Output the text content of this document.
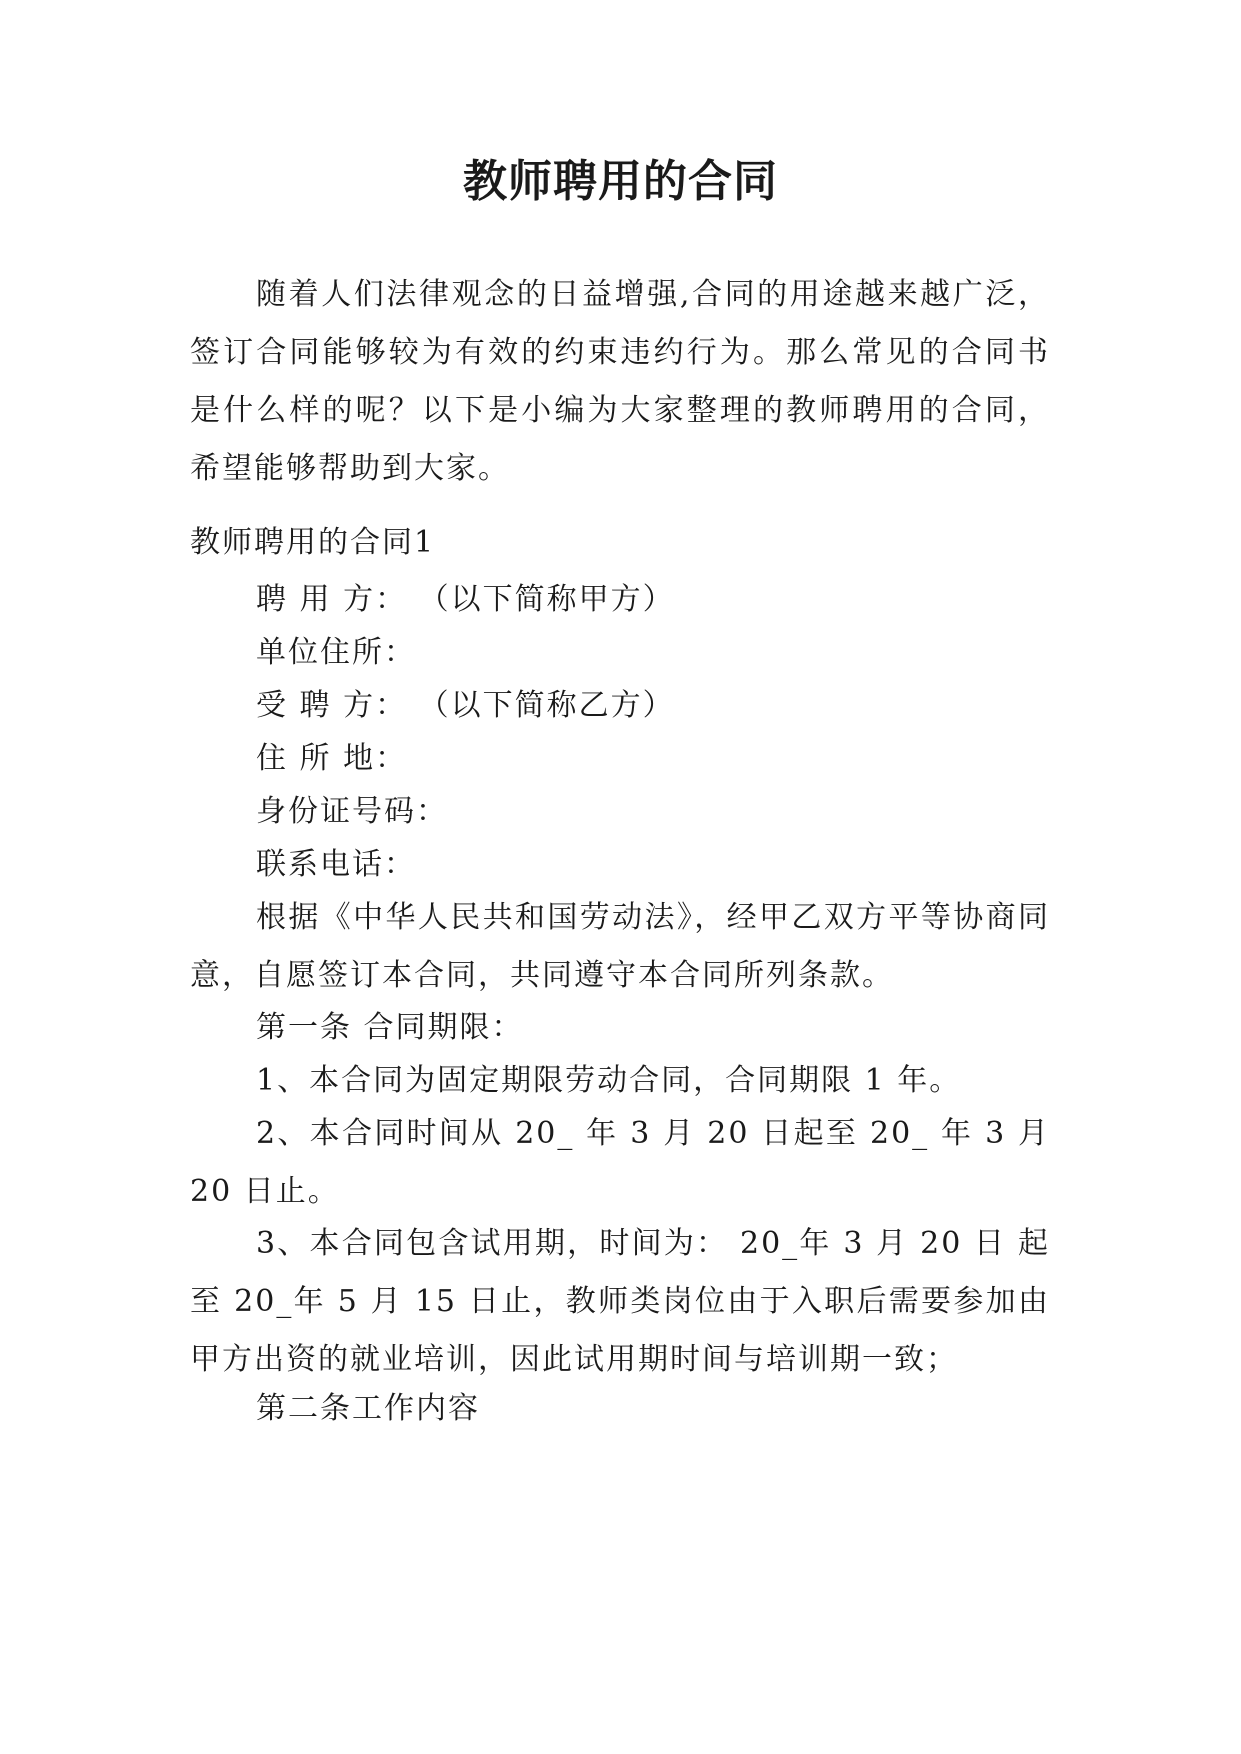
教师聘用的合同

随着人们法律观念的日益增强,合同的用途越来越广泛，签订合同能够较为有效的约束违约行为。那么常见的合同书是什么样的呢？以下是小编为大家整理的教师聘用的合同，希望能够帮助到大家。

教师聘用的合同1
聘 用 方： （以下简称甲方）
单位住所：
受 聘 方： （以下简称乙方）
住 所 地：
身份证号码：
联系电话：

根据《中华人民共和国劳动法》，经甲乙双方平等协商同意，自愿签订本合同，共同遵守本合同所列条款。

第一条 合同期限：

1、本合同为固定期限劳动合同，合同期限 1 年。

2、本合同时间从 20_ 年 3 月 20 日起至 20_ 年 3 月 20 日止。

3、本合同包含试用期，时间为： 20_年 3 月 20 日 起至 20_年 5 月 15 日止，教师类岗位由于入职后需要参加由甲方出资的就业培训，因此试用期时间与培训期一致；

第二条工作内容
